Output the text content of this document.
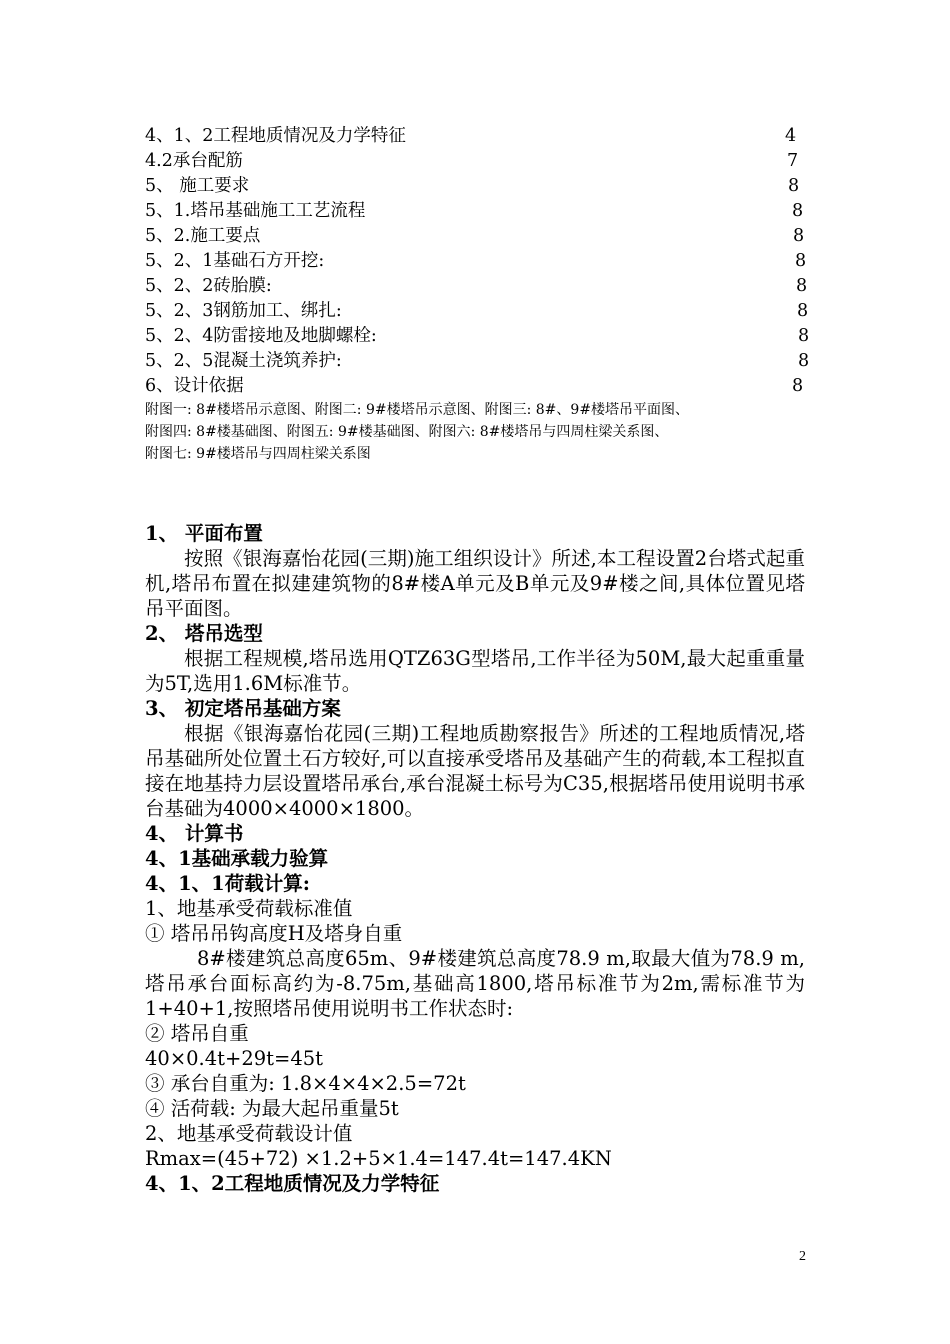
4、1、2工程地质情况及力学特征	4
4.2承台配筋	7
5、 施工要求	8
5、1.塔吊基础施工工艺流程	8
5、2.施工要点	8
5、2、1基础石方开挖:	8
5、2、2砖胎膜:	8
5、2、3钢筋加工、绑扎:	8
5、2、4防雷接地及地脚螺栓:	8
5、2、5混凝土浇筑养护:	8
6、设计依据	8
附图一: 8#楼塔吊示意图、附图二: 9#楼塔吊示意图、附图三: 8#、9#楼塔吊平面图、
附图四: 8#楼基础图、附图五: 9#楼基础图、附图六: 8#楼塔吊与四周柱梁关系图、
附图七: 9#楼塔吊与四周柱梁关系图

1、 平面布置

按照《银海嘉怡花园(三期)施工组织设计》所述,本工程设置2台塔式起重机,塔吊布置在拟建建筑物的8#楼A单元及B单元及9#楼之间,具体位置见塔吊平面图。

2、 塔吊选型

根据工程规模,塔吊选用QTZ63G型塔吊,工作半径为50M,最大起重重量为5T,选用1.6M标准节。

3、 初定塔吊基础方案

根据《银海嘉怡花园(三期)工程地质勘察报告》所述的工程地质情况,塔吊基础所处位置土石方较好,可以直接承受塔吊及基础产生的荷载,本工程拟直接在地基持力层设置塔吊承台,承台混凝土标号为C35,根据塔吊使用说明书承台基础为4000×4000×1800。

4、 计算书

4、1基础承载力验算

4、1、1荷载计算:

1、地基承受荷载标准值

① 塔吊吊钩高度H及塔身自重

8#楼建筑总高度65m、9#楼建筑总高度78.9 m,取最大值为78.9 m,塔吊承台面标高约为-8.75m,基础高1800,塔吊标准节为2m,需标准节为1+40+1,按照塔吊使用说明书工作状态时:

② 塔吊自重

40×0.4t+29t=45t

③ 承台自重为: 1.8×4×4×2.5=72t

④ 活荷载: 为最大起吊重量5t

2、地基承受荷载设计值

Rmax=(45+72) ×1.2+5×1.4=147.4t=147.4KN

4、1、2工程地质情况及力学特征

2
